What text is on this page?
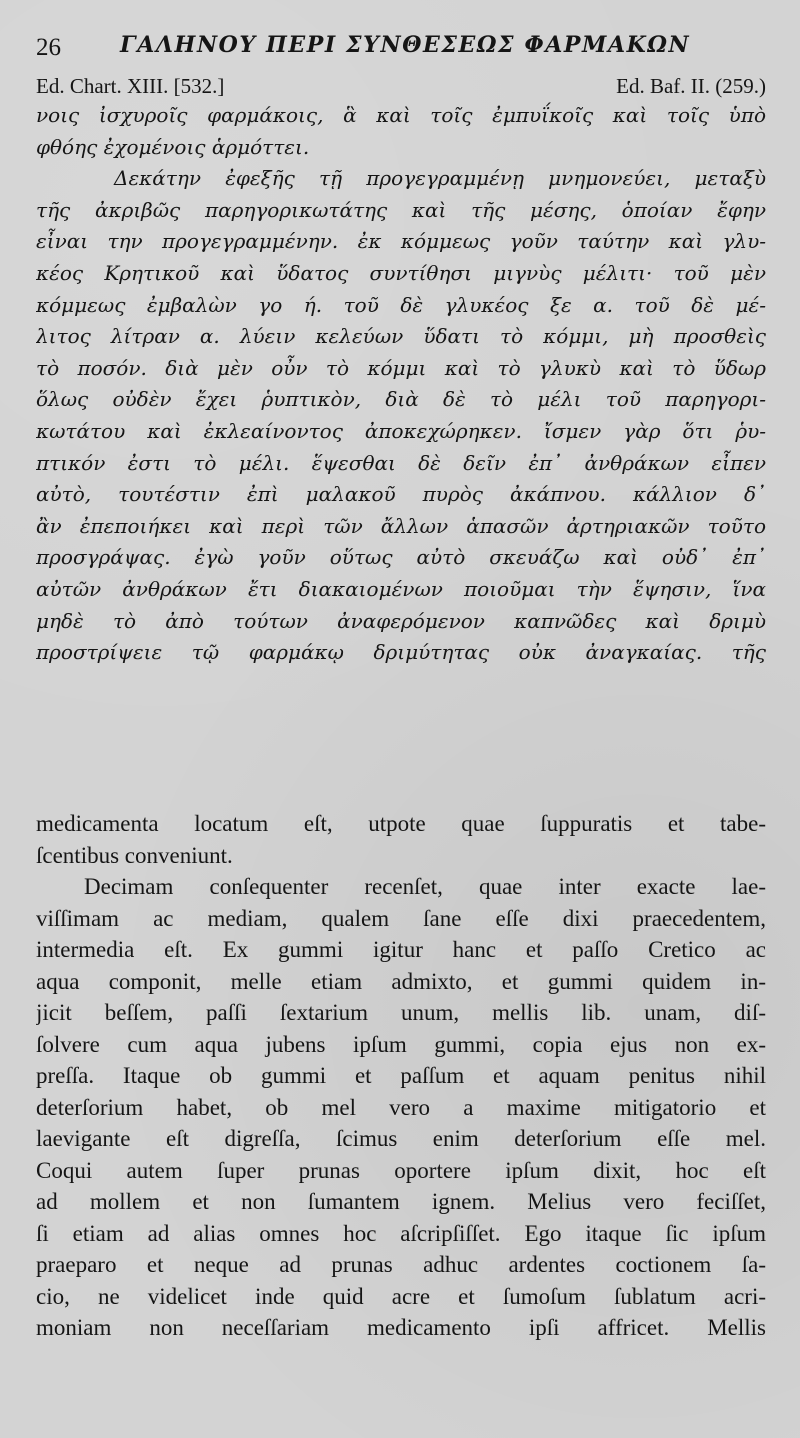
26	ΓΑΛΗΝΟΥ ΠΕΡΙ ΣΥΝΘΕΣΕΩΣ ΦΑΡΜΑΚΩΝ
Ed. Chart. XIII. [532.]	Ed. Baf. II. (259.)
νοις ἰσχυροῖς φαρμάκοις, ἃ καὶ τοῖς ἐμπυΐκοῖς καὶ τοῖς ὑπὸ
φθόης ἐχομένοις ἁρμόττει.
Δεκάτην ἐφεξῆς τῇ προγεγραμμένῃ μνημονεύει, μεταξὺ
τῆς ἀκριβῶς παρηγορικωτάτης καὶ τῆς μέσης, ὁποίαν ἔφην
εἶναι την προγεγραμμένην. ἐκ κόμμεως γοῦν ταύτην καὶ γλυ-
κέος Κρητικοῦ καὶ ὕδατος συντίθησι μιγνὺς μέλιτι· τοῦ μὲν
κόμμεως ἐμβαλὼν γο ή. τοῦ δὲ γλυκέος ξε α. τοῦ δὲ μέ-
λιτος λίτραν α. λύειν κελεύων ὕδατι τὸ κόμμι, μὴ προσθεὶς
τὸ ποσόν. διὰ μὲν οὖν τὸ κόμμι καὶ τὸ γλυκὺ καὶ τὸ ὕδωρ
ὅλως οὐδὲν ἔχει ῥυπτικὸν, διὰ δὲ τὸ μέλι τοῦ παρηγορι-
κωτάτου καὶ ἐκλεαίνοντος ἀποκεχώρηκεν. ἴσμεν γὰρ ὅτι ῥυ-
πτικόν ἐστι τὸ μέλι. ἕψεσθαι δὲ δεῖν ἐπ᾽ ἀνθράκων εἶπεν
αὐτὸ, τουτέστιν ἐπὶ μαλακοῦ πυρὸς ἀκάπνου. κάλλιον δ᾽
ἂν ἐπεποιήκει καὶ περὶ τῶν ἄλλων ἁπασῶν ἀρτηριακῶν τοῦτο
προσγράψας. ἐγὼ γοῦν οὕτως αὐτὸ σκευάζω καὶ οὐδ᾽ ἐπ᾽
αὐτῶν ἀνθράκων ἔτι διακαιομένων ποιοῦμαι τὴν ἕψησιν, ἵνα
μηδὲ τὸ ἀπὸ τούτων ἀναφερόμενον καπνῶδες καὶ δριμὺ
προστρίψειε τῷ φαρμάκῳ δριμύτητας οὐκ ἀναγκαίας. τῆς
medicamenta locatum eſt, utpote quae ſuppuratis et tabe-
ſcentibus conveniunt.
Decimam conſequenter recenſet, quae inter exacte lae-
viſſimam ac mediam, qualem ſane eſſe dixi praecedentem,
intermedia eſt. Ex gummi igitur hanc et paſſo Cretico ac
aqua componit, melle etiam admixto, et gummi quidem in-
jicit beſſem, paſſi ſextarium unum, mellis lib. unam, diſ-
ſolvere cum aqua jubens ipſum gummi, copia ejus non ex-
preſſa. Itaque ob gummi et paſſum et aquam penitus nihil
deterſorium habet, ob mel vero a maxime mitigatorio et
laevigante eſt digreſſa, ſcimus enim deterſorium eſſe mel.
Coqui autem ſuper prunas oportere ipſum dixit, hoc eſt
ad mollem et non ſumantem ignem. Melius vero feciſſet,
ſi etiam ad alias omnes hoc aſcripſiſſet. Ego itaque ſic ipſum
praeparo et neque ad prunas adhuc ardentes coctionem ſa-
cio, ne videlicet inde quid acre et ſumoſum ſublatum acri-
moniam non neceſſariam medicamento ipſi affricet. Mellis
